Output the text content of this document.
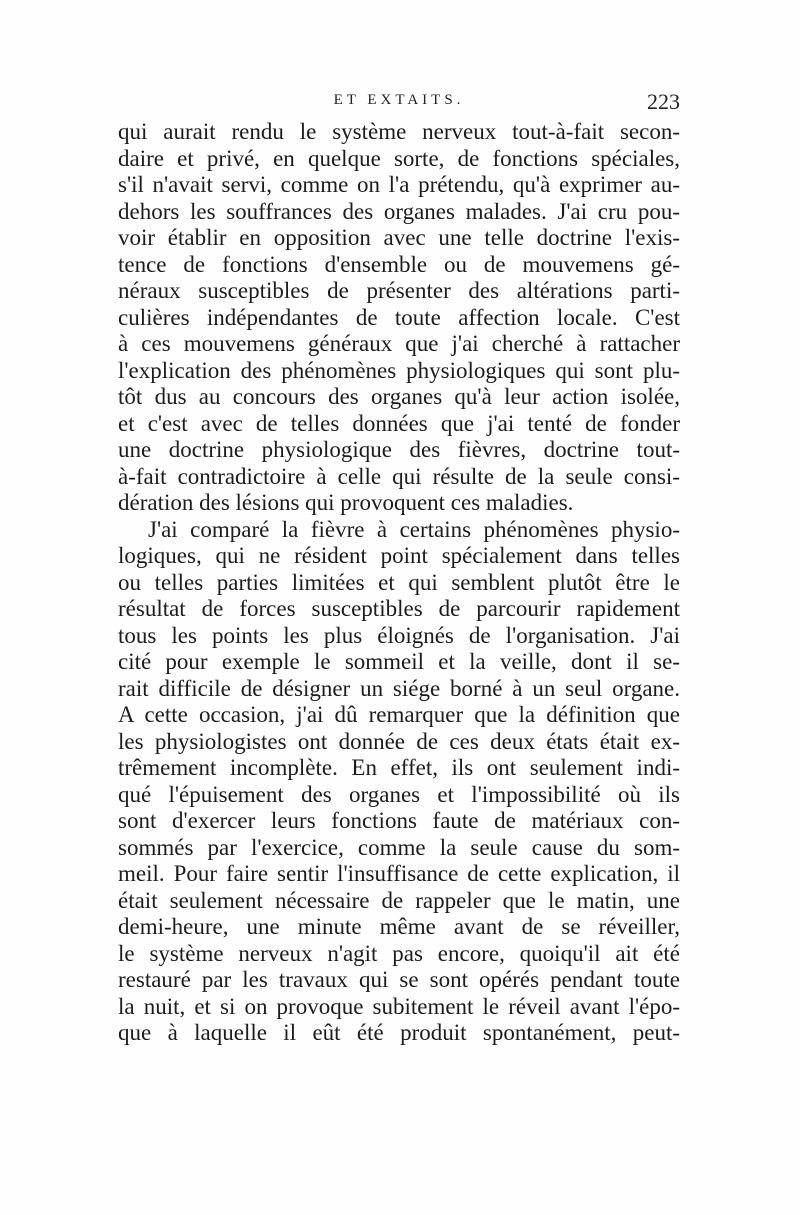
ET EXTAITS.	223
qui aurait rendu le système nerveux tout-à-fait secon-
daire et privé, en quelque sorte, de fonctions spéciales,
s'il n'avait servi, comme on l'a prétendu, qu'à exprimer au-
dehors les souffrances des organes malades. J'ai cru pou-
voir établir en opposition avec une telle doctrine l'exis-
tence de fonctions d'ensemble ou de mouvemens gé-
néraux susceptibles de présenter des altérations parti-
culières indépendantes de toute affection locale. C'est
à ces mouvemens généraux que j'ai cherché à rattacher
l'explication des phénomènes physiologiques qui sont plu-
tôt dus au concours des organes qu'à leur action isolée,
et c'est avec de telles données que j'ai tenté de fonder
une doctrine physiologique des fièvres, doctrine tout-
à-fait contradictoire à celle qui résulte de la seule consi-
dération des lésions qui provoquent ces maladies.
J'ai comparé la fièvre à certains phénomènes physio-
logiques, qui ne résident point spécialement dans telles
ou telles parties limitées et qui semblent plutôt être le
résultat de forces susceptibles de parcourir rapidement
tous les points les plus éloignés de l'organisation. J'ai
cité pour exemple le sommeil et la veille, dont il se-
rait difficile de désigner un siége borné à un seul organe.
A cette occasion, j'ai dû remarquer que la définition que
les physiologistes ont donnée de ces deux états était ex-
trêmement incomplète. En effet, ils ont seulement indi-
qué l'épuisement des organes et l'impossibilité où ils
sont d'exercer leurs fonctions faute de matériaux con-
sommés par l'exercice, comme la seule cause du som-
meil. Pour faire sentir l'insuffisance de cette explication, il
était seulement nécessaire de rappeler que le matin, une
demi-heure, une minute même avant de se réveiller,
le système nerveux n'agit pas encore, quoiqu'il ait été
restauré par les travaux qui se sont opérés pendant toute
la nuit, et si on provoque subitement le réveil avant l'épo-
que à laquelle il eût été produit spontanément, peut-
